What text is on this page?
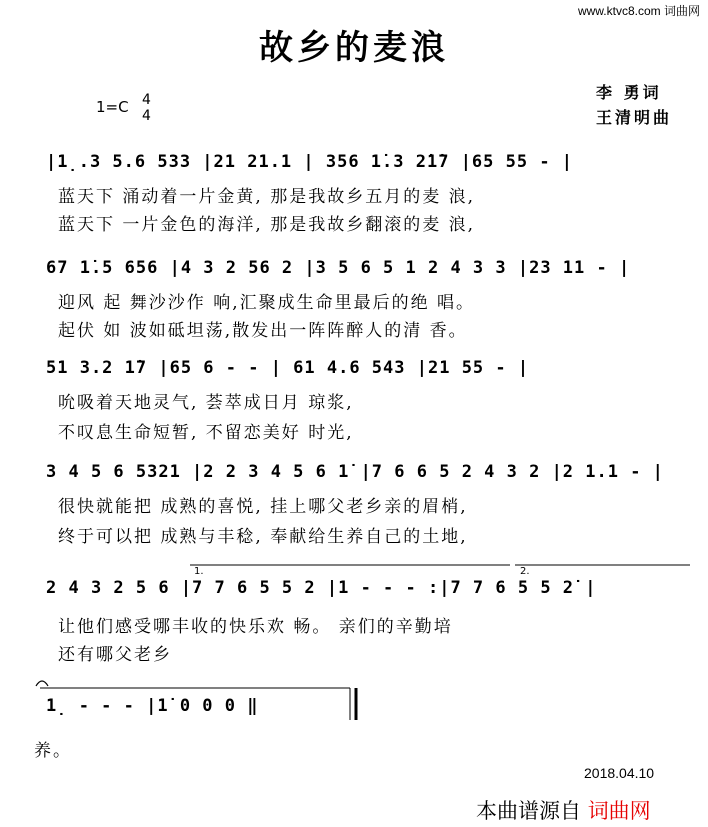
www.ktvc8.com 词曲网
故乡的麦浪
李 勇词
王清明曲
1=C 4
4
1.	2.
|1̣.3 5.6 533 |21 21.1 | 356 1̇.3 2̇1̇7 |65 55 - |
蓝天下 涌动着一片金黄, 那是我故乡五月的麦 浪,
蓝天下 一片金色的海洋, 那是我故乡翻滚的麦 浪,
67 1̇.5 656 |4 3 2 56 2 |3 5 6 5 1 2 4 3 3 |23 11 - |
迎风 起 舞沙沙作 响,汇聚成生命里最后的绝 唱。
起伏 如 波如砥坦荡,散发出一阵阵醉人的清 香。
51 3.2 1̇7 |65 6 - - | 61 4.6 543 |21 55 - |
吮吸着天地灵气, 荟萃成日月 琼浆,
不叹息生命短暂, 不留恋美好 时光,
3 4 5 6 5321 |2 2 3 4 5 6 1̇ |7 6 6 5 2 4 3 2 |2 1.1 - |
很快就能把 成熟的喜悦, 挂上哪父老乡亲的眉梢,
终于可以把 成熟与丰稔, 奉献给生养自己的土地,
2 4 3 2 5 6 |7 7 6 5 5 2 |1 - - - :|7 7 6 5 5 2̇ |
让他们感受哪丰收的快乐欢 畅。 亲们的辛勤培
还有哪父老乡
1̣ - - - |1̇ 0 0 0 ‖
养。
2018.04.10
本曲谱源自 词曲网
